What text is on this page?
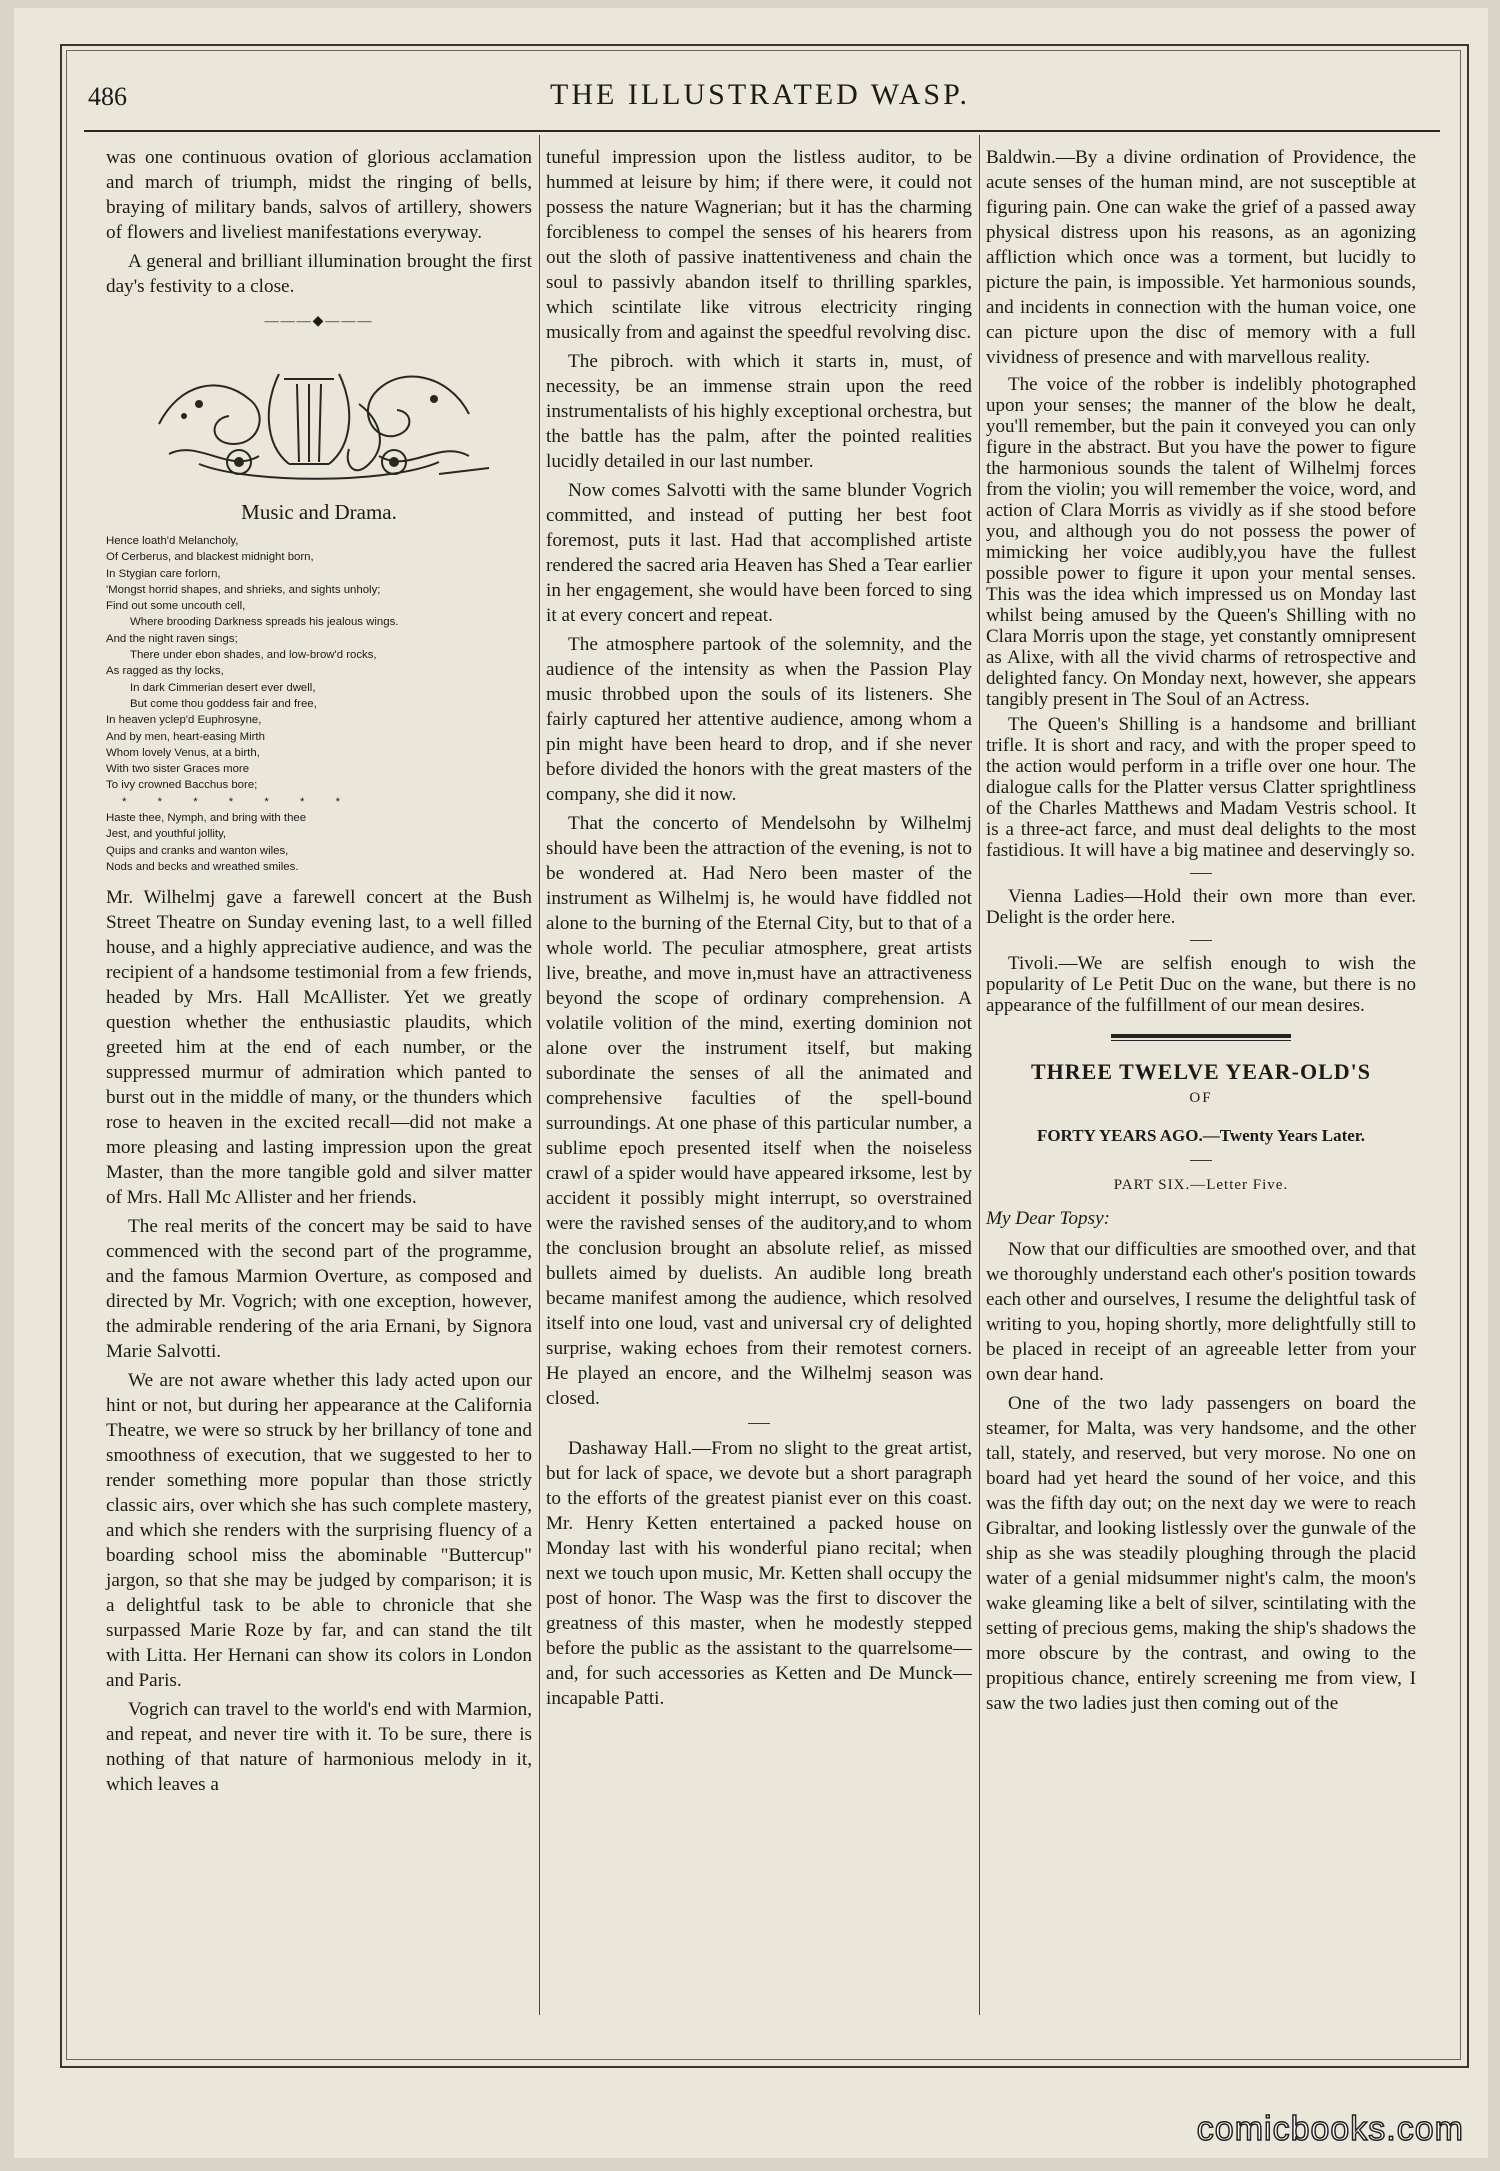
486	THE ILLUSTRATED WASP.

was one continuous ovation of glorious acclamation and march of triumph, midst the ringing of bells, braying of military bands, salvos of artillery, showers of flowers and liveliest manifestations everyway.

A general and brilliant illumination brought the first day's festivity to a close.

———◆———
Music and Drama.
Hence loath'd Melancholy,
Of Cerberus, and blackest midnight born,
In Stygian care forlorn,
'Mongst horrid shapes, and shrieks, and sights unholy;
Find out some uncouth cell,
Where brooding Darkness spreads his jealous wings.
And the night raven sings;
There under ebon shades, and low-brow'd rocks,
As ragged as thy locks,
In dark Cimmerian desert ever dwell,
But come thou goddess fair and free,
In heaven yclep'd Euphrosyne,
And by men, heart-easing Mirth
Whom lovely Venus, at a birth,
With two sister Graces more
To ivy crowned Bacchus bore;
* * * * * * *
Haste thee, Nymph, and bring with thee
Jest, and youthful jollity,
Quips and cranks and wanton wiles,
Nods and becks and wreathed smiles.

Mr. Wilhelmj gave a farewell concert at the Bush Street Theatre on Sunday evening last, to a well filled house, and a highly appreciative audience, and was the recipient of a handsome testimonial from a few friends, headed by Mrs. Hall McAllister. Yet we greatly question whether the enthusiastic plaudits, which greeted him at the end of each number, or the suppressed murmur of admiration which panted to burst out in the middle of many, or the thunders which rose to heaven in the excited recall—did not make a more pleasing and lasting impression upon the great Master, than the more tangible gold and silver matter of Mrs. Hall Mc Allister and her friends.

The real merits of the concert may be said to have commenced with the second part of the programme, and the famous Marmion Overture, as composed and directed by Mr. Vogrich; with one exception, however, the admirable rendering of the aria Ernani, by Signora Marie Salvotti.

We are not aware whether this lady acted upon our hint or not, but during her appearance at the California Theatre, we were so struck by her brillancy of tone and smoothness of execution, that we suggested to her to render something more popular than those strictly classic airs, over which she has such complete mastery, and which she renders with the surprising fluency of a boarding school miss the abominable "Buttercup" jargon, so that she may be judged by comparison; it is a delightful task to be able to chronicle that she surpassed Marie Roze by far, and can stand the tilt with Litta. Her Hernani can show its colors in London and Paris.

Vogrich can travel to the world's end with Marmion, and repeat, and never tire with it. To be sure, there is nothing of that nature of harmonious melody in it, which leaves a

tuneful impression upon the listless auditor, to be hummed at leisure by him; if there were, it could not possess the nature Wagnerian; but it has the charming forcibleness to compel the senses of his hearers from out the sloth of passive inattentiveness and chain the soul to passivly abandon itself to thrilling sparkles, which scintilate like vitrous electricity ringing musically from and against the speedful revolving disc.

The pibroch. with which it starts in, must, of necessity, be an immense strain upon the reed instrumentalists of his highly exceptional orchestra, but the battle has the palm, after the pointed realities lucidly detailed in our last number.

Now comes Salvotti with the same blunder Vogrich committed, and instead of putting her best foot foremost, puts it last. Had that accomplished artiste rendered the sacred aria Heaven has Shed a Tear earlier in her engagement, she would have been forced to sing it at every concert and repeat.

The atmosphere partook of the solemnity, and the audience of the intensity as when the Passion Play music throbbed upon the souls of its listeners. She fairly captured her attentive audience, among whom a pin might have been heard to drop, and if she never before divided the honors with the great masters of the company, she did it now.

That the concerto of Mendelsohn by Wilhelmj should have been the attraction of the evening, is not to be wondered at. Had Nero been master of the instrument as Wilhelmj is, he would have fiddled not alone to the burning of the Eternal City, but to that of a whole world. The peculiar atmosphere, great artists live, breathe, and move in,must have an attractiveness beyond the scope of ordinary comprehension. A volatile volition of the mind, exerting dominion not alone over the instrument itself, but making subordinate the senses of all the animated and comprehensive faculties of the spell-bound surroundings. At one phase of this particular number, a sublime epoch presented itself when the noiseless crawl of a spider would have appeared irksome, lest by accident it possibly might interrupt, so overstrained were the ravished senses of the auditory,and to whom the conclusion brought an absolute relief, as missed bullets aimed by duelists. An audible long breath became manifest among the audience, which resolved itself into one loud, vast and universal cry of delighted surprise, waking echoes from their remotest corners. He played an encore, and the Wilhelmj season was closed.

Dashaway Hall.—From no slight to the great artist, but for lack of space, we devote but a short paragraph to the efforts of the greatest pianist ever on this coast. Mr. Henry Ketten entertained a packed house on Monday last with his wonderful piano recital; when next we touch upon music, Mr. Ketten shall occupy the post of honor. The Wasp was the first to discover the greatness of this master, when he modestly stepped before the public as the assistant to the quarrelsome—and, for such accessories as Ketten and De Munck—incapable Patti.

Baldwin.—By a divine ordination of Providence, the acute senses of the human mind, are not susceptible at figuring pain. One can wake the grief of a passed away physical distress upon his reasons, as an agonizing affliction which once was a torment, but lucidly to picture the pain, is impossible. Yet harmonious sounds, and incidents in connection with the human voice, one can picture upon the disc of memory with a full vividness of presence and with marvellous reality.

The voice of the robber is indelibly photographed upon your senses; the manner of the blow he dealt, you'll remember, but the pain it conveyed you can only figure in the abstract. But you have the power to figure the harmonious sounds the talent of Wilhelmj forces from the violin; you will remember the voice, word, and action of Clara Morris as vividly as if she stood before you, and although you do not possess the power of mimicking her voice audibly,you have the fullest possible power to figure it upon your mental senses. This was the idea which impressed us on Monday last whilst being amused by the Queen's Shilling with no Clara Morris upon the stage, yet constantly omnipresent as Alixe, with all the vivid charms of retrospective and delighted fancy. On Monday next, however, she appears tangibly present in The Soul of an Actress.

The Queen's Shilling is a handsome and brilliant trifle. It is short and racy, and with the proper speed to the action would perform in a trifle over one hour. The dialogue calls for the Platter versus Clatter sprightliness of the Charles Matthews and Madam Vestris school. It is a three-act farce, and must deal delights to the most fastidious. It will have a big matinee and deservingly so.

Vienna Ladies—Hold their own more than ever. Delight is the order here.

Tivoli.—We are selfish enough to wish the popularity of Le Petit Duc on the wane, but there is no appearance of the fulfillment of our mean desires.

THREE TWELVE YEAR-OLD'S
OF
FORTY YEARS AGO.—Twenty Years Later.
PART SIX.—Letter Five.
My Dear Topsy:

Now that our difficulties are smoothed over, and that we thoroughly understand each other's position towards each other and ourselves, I resume the delightful task of writing to you, hoping shortly, more delightfully still to be placed in receipt of an agreeable letter from your own dear hand.

One of the two lady passengers on board the steamer, for Malta, was very handsome, and the other tall, stately, and reserved, but very morose. No one on board had yet heard the sound of her voice, and this was the fifth day out; on the next day we were to reach Gibraltar, and looking listlessly over the gunwale of the ship as she was steadily ploughing through the placid water of a genial midsummer night's calm, the moon's wake gleaming like a belt of silver, scintilating with the setting of precious gems, making the ship's shadows the more obscure by the contrast, and owing to the propitious chance, entirely screening me from view, I saw the two ladies just then coming out of the

comicbooks.com
